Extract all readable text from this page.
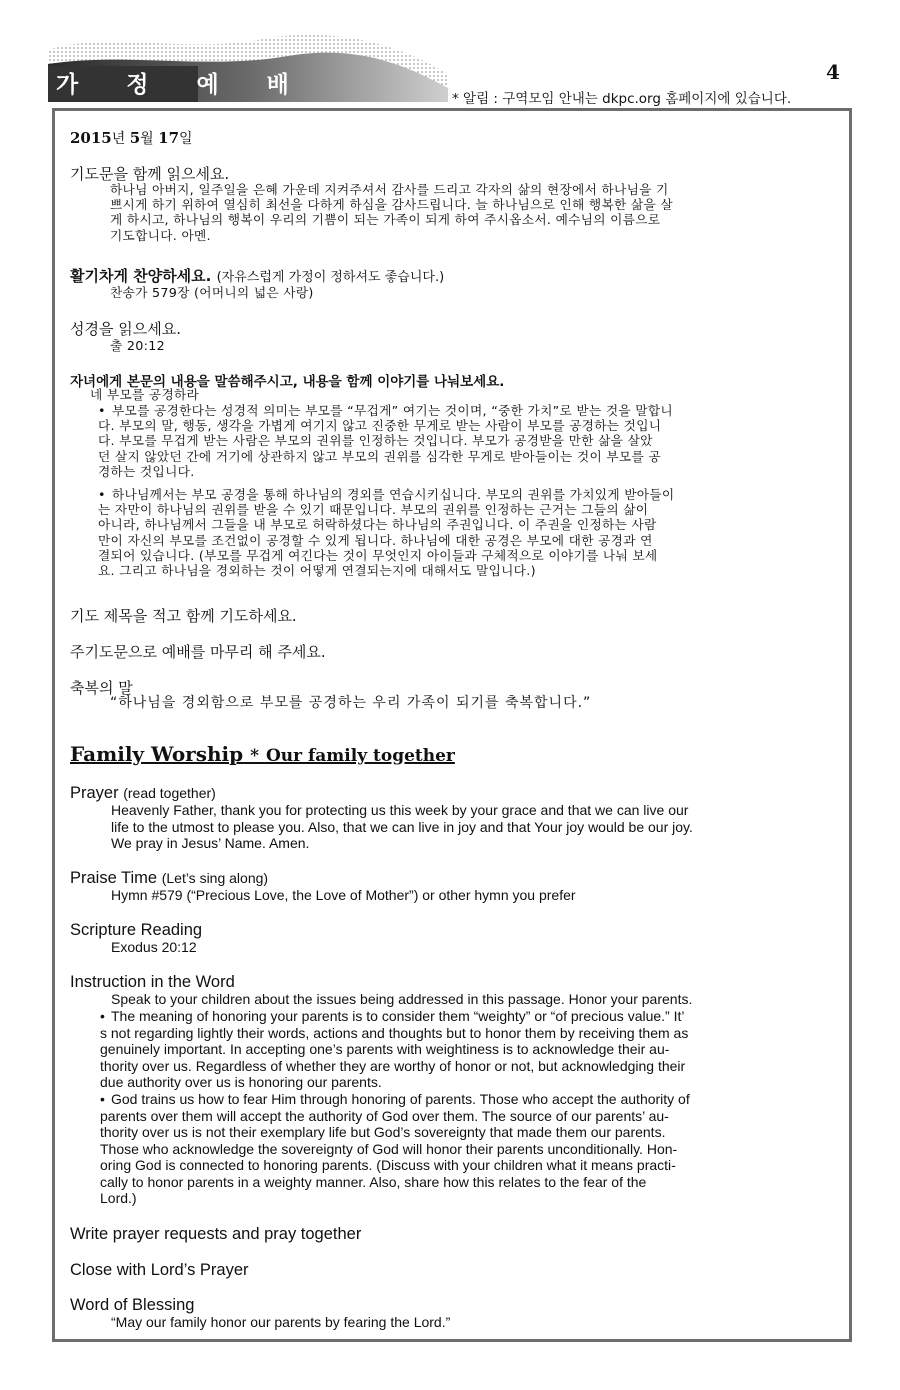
가 정 예 배	4
* 알림 : 구역모임 안내는 dkpc.org 홈페이지에 있습니다.
2015년 5월 17일
기도문을 함께 읽으세요.
하나님 아버지, 일주일을 은혜 가운데 지켜주셔서 감사를 드리고 각자의 삶의 현장에서 하나님을 기
쁘시게 하기 위하여 열심히 최선을 다하게 하심을 감사드립니다. 늘 하나님으로 인해 행복한 삶을 살
게 하시고, 하나님의 행복이 우리의 기쁨이 되는 가족이 되게 하여 주시옵소서. 예수님의 이름으로
기도합니다. 아멘.
활기차게 찬양하세요. (자유스럽게 가정이 정하셔도 좋습니다.)
찬송가 579장 (어머니의 넓은 사랑)
성경을 읽으세요.
출 20:12
자녀에게 본문의 내용을 말씀해주시고, 내용을 함께 이야기를 나눠보세요.
네 부모를 공경하라
• 부모를 공경한다는 성경적 의미는 부모를 “무겁게” 여기는 것이며, “중한 가치”로 받는 것을 말합니
다. 부모의 말, 행동, 생각을 가볍게 여기지 않고 진중한 무게로 받는 사람이 부모를 공경하는 것입니
다. 부모를 무겁게 받는 사람은 부모의 권위를 인정하는 것입니다. 부모가 공경받을 만한 삶을 살았
던 살지 않았던 간에 거기에 상관하지 않고 부모의 권위를 심각한 무게로 받아들이는 것이 부모를 공
경하는 것입니다.
• 하나님께서는 부모 공경을 통해 하나님의 경외를 연습시키십니다. 부모의 권위를 가치있게 받아들이
는 자만이 하나님의 권위를 받을 수 있기 때문입니다. 부모의 권위를 인정하는 근거는 그들의 삶이
아니라, 하나님께서 그들을 내 부모로 허락하셨다는 하나님의 주권입니다. 이 주권을 인정하는 사람
만이 자신의 부모를 조건없이 공경할 수 있게 됩니다. 하나님에 대한 공경은 부모에 대한 공경과 연
결되어 있습니다. (부모를 무겁게 여긴다는 것이 무엇인지 아이들과 구체적으로 이야기를 나눠 보세
요. 그리고 하나님을 경외하는 것이 어떻게 연결되는지에 대해서도 말입니다.)
기도 제목을 적고 함께 기도하세요.
주기도문으로 예배를 마무리 해 주세요.
축복의 말
“하나님을 경외함으로 부모를 공경하는 우리 가족이 되기를 축복합니다.”
Family Worship * Our family together
Prayer (read together)
Heavenly Father, thank you for protecting us this week by your grace and that we can live our
life to the utmost to please you. Also, that we can live in joy and that Your joy would be our joy.
We pray in Jesus’ Name. Amen.
Praise Time (Let’s sing along)
Hymn #579 (“Precious Love, the Love of Mother”) or other hymn you prefer
Scripture Reading
Exodus 20:12
Instruction in the Word
Speak to your children about the issues being addressed in this passage. Honor your parents.
• The meaning of honoring your parents is to consider them “weighty” or “of precious value.” It’
s not regarding lightly their words, actions and thoughts but to honor them by receiving them as
genuinely important. In accepting one’s parents with weightiness is to acknowledge their au-
thority over us. Regardless of whether they are worthy of honor or not, but acknowledging their
due authority over us is honoring our parents.
• God trains us how to fear Him through honoring of parents. Those who accept the authority of
parents over them will accept the authority of God over them. The source of our parents’ au-
thority over us is not their exemplary life but God’s sovereignty that made them our parents.
Those who acknowledge the sovereignty of God will honor their parents unconditionally. Hon-
oring God is connected to honoring parents. (Discuss with your children what it means practi-
cally to honor parents in a weighty manner. Also, share how this relates to the fear of the
Lord.)
Write prayer requests and pray together
Close with Lord’s Prayer
Word of Blessing
“May our family honor our parents by fearing the Lord.”
